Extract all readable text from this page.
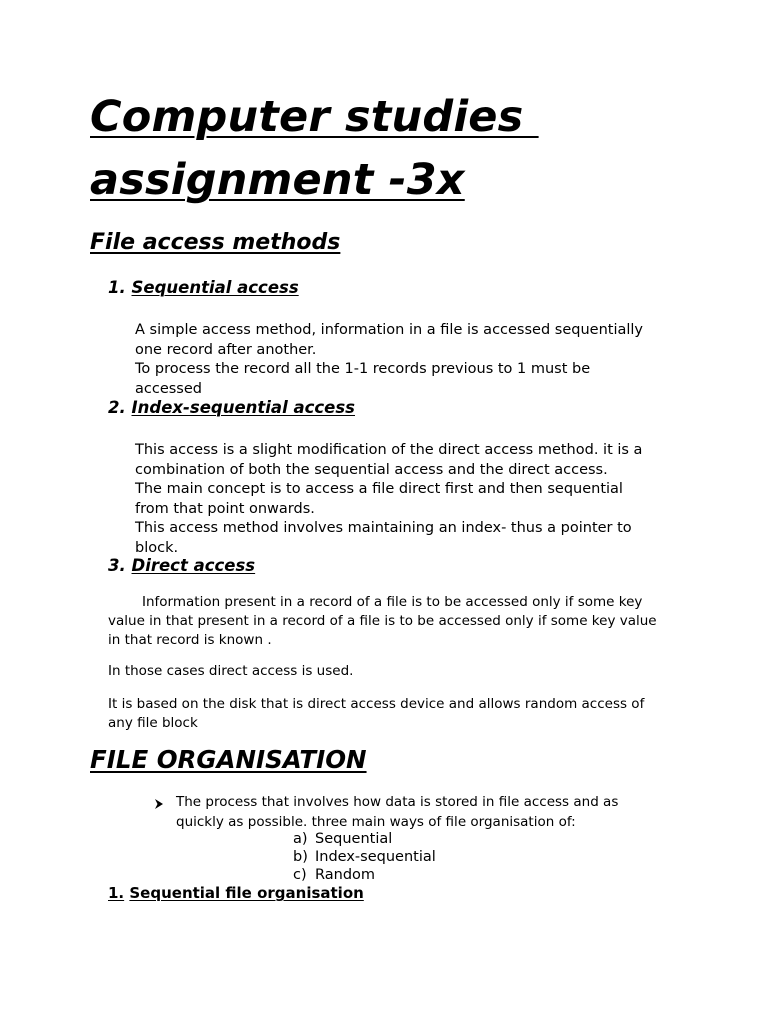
Computer studies
assignment -3x
File access methods
1. Sequential access
A simple access method, information in a file is accessed sequentially
one record after another.
To process the record all the 1-1 records previous to 1 must be
accessed
2. Index-sequential access
This access is a slight modification of the direct access method. it is a
combination of both the sequential access and the direct access.
The main concept is to access a file direct first and then sequential
from that point onwards.
This access method involves maintaining an index- thus a pointer to
block.
3. Direct access
Information present in a record of a file is to be accessed only if some key
value in that present in a record of a file is to be accessed only if some key value
in that record is known .
In those cases direct access is used.
It is based on the disk that is direct access device and allows random access of
any file block
FILE ORGANISATION
The process that involves how data is stored in file access and as
quickly as possible. three main ways of file organisation of:
a) Sequential
b) Index-sequential
c) Random
1. Sequential file organisation
